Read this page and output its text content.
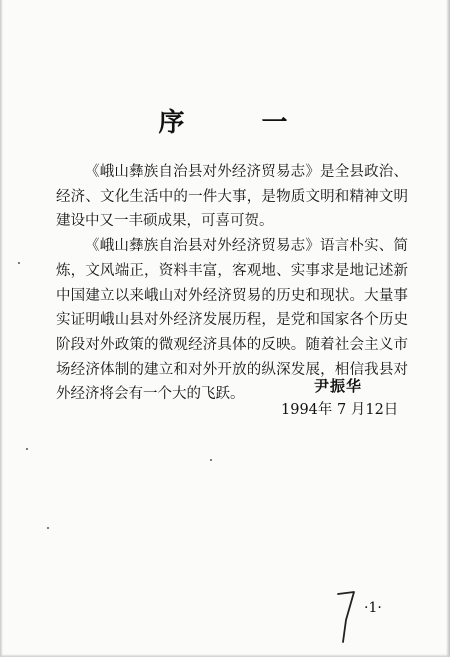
序 一

《峨山彝族自治县对外经济贸易志》是全县政治、经济、文化生活中的一件大事，是物质文明和精神文明建设中又一丰硕成果，可喜可贺。

《峨山彝族自治县对外经济贸易志》语言朴实、简炼，文风端正，资料丰富，客观地、实事求是地记述新中国建立以来峨山对外经济贸易的历史和现状。大量事实证明峨山县对外经济发展历程，是党和国家各个历史阶段对外政策的微观经济具体的反映。随着社会主义市场经济体制的建立和对外开放的纵深发展，相信我县对外经济将会有一个大的飞跃。	尹振华
1994年 7 月12日
·1·
